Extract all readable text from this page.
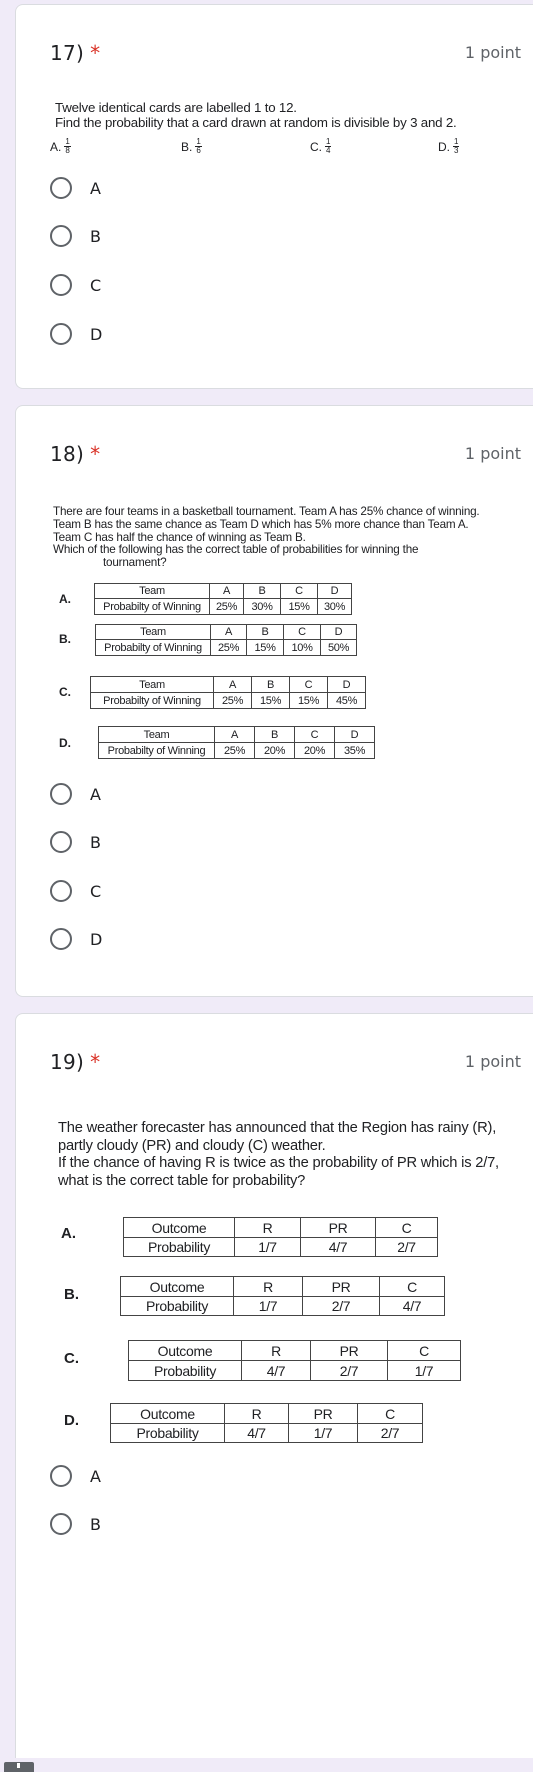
17) *	1 point
Twelve identical cards are labelled 1 to 12.
Find the probability that a card drawn at random is divisible by 3 and 2.
A. $\frac{1}{8}$	B. $\frac{1}{6}$	C. $\frac{1}{4}$	D. $\frac{1}{3}$
A
B
C
D
18) *	1 point
There are four teams in a basketball tournament. Team A has 25% chance of winning.
Team B has the same chance as Team D which has 5% more chance than Team A.
Team C has half the chance of winning as Team B.
Which of the following has the correct table of probabilities for winning the
tournament?
A.
Team	A	B	C	D
Probabilty of Winning	25%	30%	15%	30%
B.	Team	A	B	C	D
Probabilty of Winning	25%	15%	10%	50%
C.
Team	A	B	C	D
Probabilty of Winning	25%	15%	15%	45%
D.
Team	A	B	C	D
Probabilty of Winning	25%	20%	20%	35%
A
B
C
D
19) *	1 point
The weather forecaster has announced that the Region has rainy (R),
partly cloudy (PR) and cloudy (C) weather.
If the chance of having R is twice as the probability of PR which is 2/7,
what is the correct table for probability?
A.	Outcome	R	PR	C
Probability	1/7	4/7	2/7
B.	Outcome	R	PR	C
Probability	1/7	2/7	4/7
C.	Outcome	R	PR	C
Probability	4/7	2/7	1/7
D.	Outcome	R	PR	C
Probability	4/7	1/7	2/7
A
B
